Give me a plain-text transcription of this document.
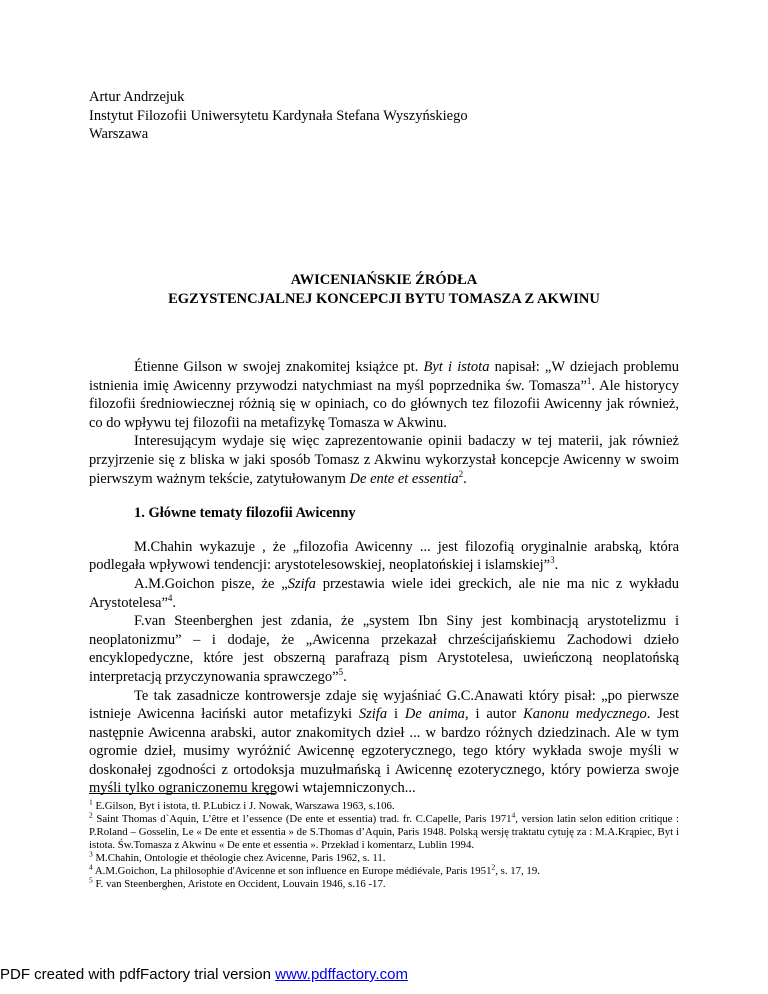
Artur Andrzejuk

Instytut Filozofii Uniwersytetu Kardynała Stefana Wyszyńskiego

Warszawa

AWICENIAŃSKIE ŹRÓDŁA

EGZYSTENCJALNEJ KONCEPCJI BYTU TOMASZA Z AKWINU

Étienne Gilson w swojej znakomitej książce pt. Byt i istota napisał: „W dziejach problemu istnienia imię Awicenny przywodzi natychmiast na myśl poprzednika św. Tomasza”$^1$. Ale historycy filozofii średniowiecznej różnią się w opiniach, co do głównych tez filozofii Awicenny jak również, co do wpływu tej filozofii na metafizykę Tomasza w Akwinu.

Interesującym wydaje się więc zaprezentowanie opinii badaczy w tej materii, jak również przyjrzenie się z bliska w jaki sposób Tomasz z Akwinu wykorzystał koncepcje Awicenny w swoim pierwszym ważnym tekście, zatytułowanym De ente et essentia$^2$.

1. Główne tematy filozofii Awicenny

M.Chahin wykazuje , że „filozofia Awicenny ... jest filozofią oryginalnie arabską, która podlegała wpływowi tendencji: arystotelesowskiej, neoplatońskiej i islamskiej”$^3$.

A.M.Goichon pisze, że „Szifa przestawia wiele idei greckich, ale nie ma nic z wykładu Arystotelesa”$^4$.

F.van Steenberghen jest zdania, że „system Ibn Siny jest kombinacją arystotelizmu i neoplatonizmu” – i dodaje, że „Awicenna przekazał chrześcijańskiemu Zachodowi dzieło encyklopedyczne, które jest obszerną parafrazą pism Arystotelesa, uwieńczoną neoplatońską interpretacją przyczynowania sprawczego”$^5$.

Te tak zasadnicze kontrowersje zdaje się wyjaśniać G.C.Anawati który pisał: „po pierwsze istnieje Awicenna łaciński autor metafizyki Szifa i De anima, i autor Kanonu medycznego. Jest następnie Awicenna arabski, autor znakomitych dzieł ... w bardzo różnych dziedzinach. Ale w tym ogromie dzieł, musimy wyróżnić Awicennę egzoterycznego, tego który wykłada swoje myśli w doskonałej zgodności z ortodoksja muzułmańską i Awicennę ezoterycznego, który powierza swoje myśli tylko ograniczonemu kręgowi wtajemniczonych...

$^1$ E.Gilson, Byt i istota, tł. P.Lubicz i J. Nowak, Warszawa 1963, s.106.

$^2$ Saint Thomas d`Aquin, L’être et l’essence (De ente et essentia) trad. fr. C.Capelle, Paris 1971$^4$, version latin selon edition critique : P.Roland – Gosselin, Le « De ente et essentia » de S.Thomas d’Aquin, Paris 1948. Polską wersję traktatu cytuję za : M.A.Krąpiec, Byt i istota. Św.Tomasza z Akwinu « De ente et essentia ». Przekład i komentarz, Lublin 1994.

$^3$ M.Chahin, Ontologie et théologie chez Avicenne, Paris 1962, s. 11.

$^4$ A.M.Goichon, La philosophie d'Avicenne et son influence en Europe médiévale, Paris 1951$^2$, s. 17, 19.

$^5$ F. van Steenberghen, Aristote en Occident, Louvain 1946, s.16 -17.

PDF created with pdfFactory trial version www.pdffactory.com
